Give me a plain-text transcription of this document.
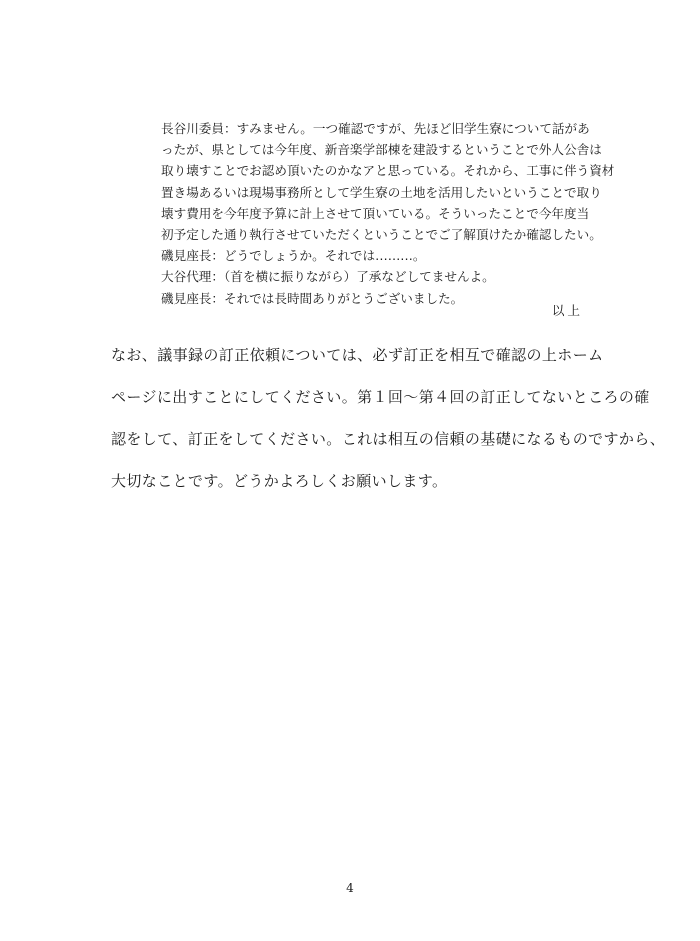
長谷川委員：すみません。一つ確認ですが、先ほど旧学生寮について話があ
ったが、県としては今年度、新音楽学部棟を建設するということで外人公舎は
取り壊すことでお認め頂いたのかなアと思っている。それから、工事に伴う資材
置き場あるいは現場事務所として学生寮の土地を活用したいということで取り
壊す費用を今年度予算に計上させて頂いている。そういったことで今年度当
初予定した通り執行させていただくということでご了解頂けたか確認したい。
磯見座長：どうでしょうか。それでは………。
大谷代理：（首を横に振りながら）了承などしてませんよ。
磯見座長：それでは長時間ありがとうございました。
以上
なお、議事録の訂正依頼については、必ず訂正を相互で確認の上ホーム
ページに出すことにしてください。第１回～第４回の訂正してないところの確
認をして、訂正をしてください。これは相互の信頼の基礎になるものですから、
大切なことです。どうかよろしくお願いします。
4
